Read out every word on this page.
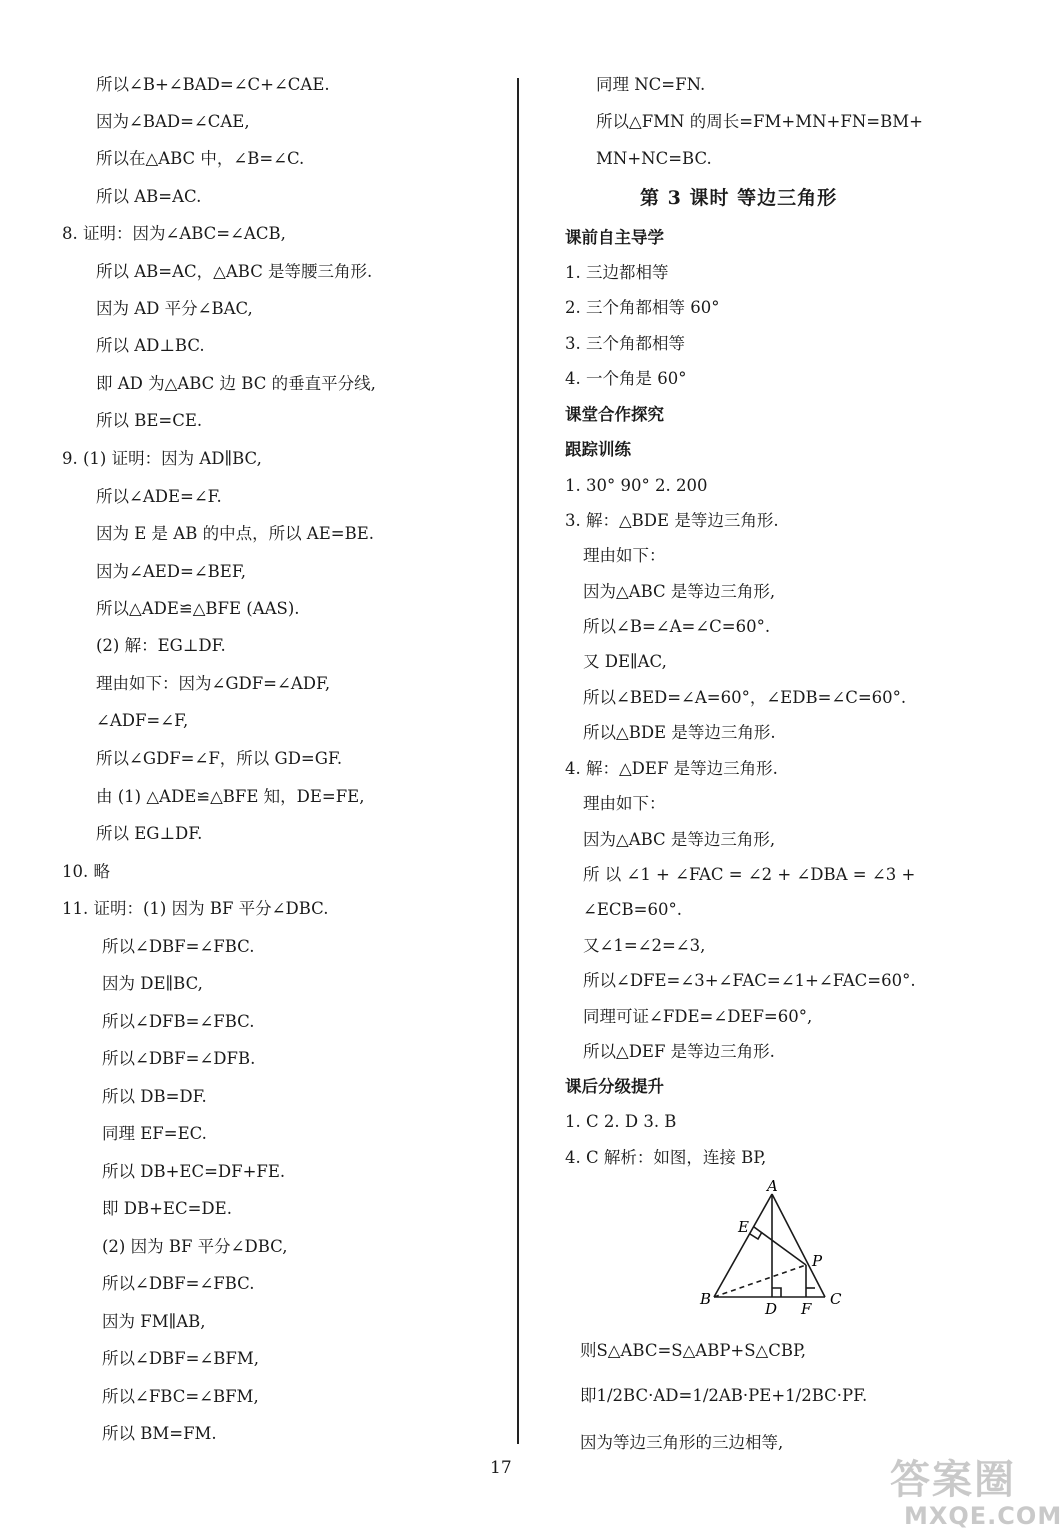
所以∠B+∠BAD=∠C+∠CAE.
因为∠BAD=∠CAE,
所以在△ABC 中，∠B=∠C.
所以 AB=AC.
8. 证明：因为∠ABC=∠ACB,
所以 AB=AC，△ABC 是等腰三角形.
因为 AD 平分∠BAC,
所以 AD⊥BC.
即 AD 为△ABC 边 BC 的垂直平分线,
所以 BE=CE.
9. (1) 证明：因为 AD∥BC,
所以∠ADE=∠F.
因为 E 是 AB 的中点，所以 AE=BE.
因为∠AED=∠BEF,
所以△ADE≌△BFE (AAS).
(2) 解：EG⊥DF.
理由如下：因为∠GDF=∠ADF,
∠ADF=∠F,
所以∠GDF=∠F，所以 GD=GF.
由 (1) △ADE≌△BFE 知，DE=FE,
所以 EG⊥DF.
10. 略
11. 证明：(1) 因为 BF 平分∠DBC.
所以∠DBF=∠FBC.
因为 DE∥BC,
所以∠DFB=∠FBC.
所以∠DBF=∠DFB.
所以 DB=DF.
同理 EF=EC.
所以 DB+EC=DF+FE.
即 DB+EC=DE.
(2) 因为 BF 平分∠DBC,
所以∠DBF=∠FBC.
因为 FM∥AB,
所以∠DBF=∠BFM,
所以∠FBC=∠BFM,
所以 BM=FM.
同理 NC=FN.
所以△FMN 的周长=FM+MN+FN=BM+
MN+NC=BC.
课前自主导学
1. 三边都相等
2. 三个角都相等 60°
3. 三个角都相等
4. 一个角是 60°
课堂合作探究
跟踪训练
1. 30° 90° 2. 200
3. 解：△BDE 是等边三角形.
理由如下：
因为△ABC 是等边三角形,
所以∠B=∠A=∠C=60°.
又 DE∥AC,
所以∠BED=∠A=60°，∠EDB=∠C=60°.
所以△BDE 是等边三角形.
4. 解：△DEF 是等边三角形.
理由如下：
因为△ABC 是等边三角形,
所 以 ∠1 + ∠FAC = ∠2 + ∠DBA = ∠3 +
∠ECB=60°.
又∠1=∠2=∠3,
所以∠DFE=∠3+∠FAC=∠1+∠FAC=60°.
同理可证∠FDE=∠DEF=60°,
所以△DEF 是等边三角形.
课后分级提升
1. C 2. D 3. B
4. C 解析：如图，连接 BP,
则S△ABC=S△ABP+S△CBP,
即1/2BC·AD=1/2AB·PE+1/2BC·PF.
因为等边三角形的三边相等,
第 3 课时 等边三角形
A
E
P
B
D F
C
17	答案圈
MXQE.COM
